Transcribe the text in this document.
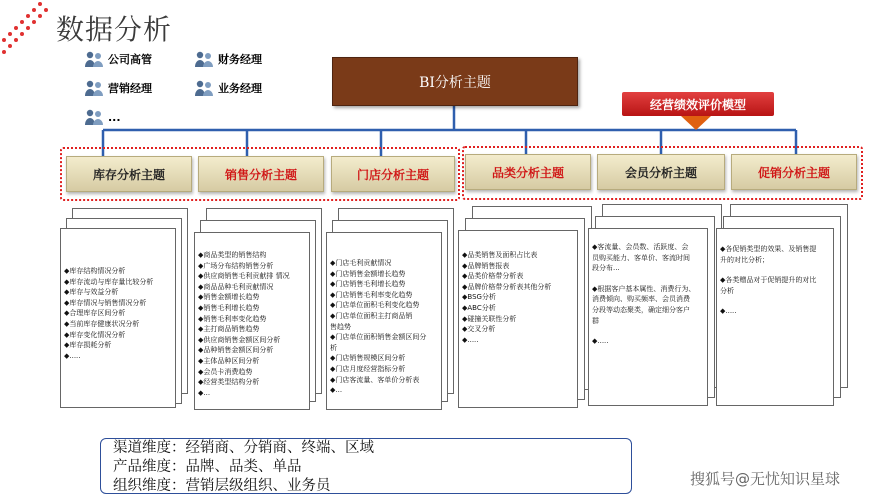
数据分析
公司高管	财务经理
营销经理	业务经理
...
BI分析主题
经营绩效评价模型
库存分析主题	销售分析主题	门店分析主题	品类分析主题	会员分析主题	促销分析主题
◆库存结构情况分析
◆库存流动与库存量比较分析
◆库存与效益分析
◆库存情况与销售情况分析
◆合理库存区间分析
◆当前库存健康状况分析
◆库存变化情况分析
◆库存损耗分析
◆.....
◆商品类型的销售结构
◆广场分布结构销售分析
◆供应商销售毛利贡献排 情况
◆商品品种毛利贡献情况
◆销售金额增长趋势
◆销售毛利增长趋势
◆销售毛利率变化趋势
◆主打商品销售趋势
◆供应商销售金额区间分析
◆品种销售金额区间分析
◆主体品种区间分析
◆会员卡消费趋势
◆经营类型结构分析
◆...
◆门店毛利贡献情况
◆门店销售金额增长趋势
◆门店销售毛利增长趋势
◆门店销售毛利率变化趋势
◆门店单位面积毛利变化趋势
◆门店单位面积主打商品销
售趋势
◆门店单位面积销售金额区间分
析
◆门店销售规模区间分析
◆门店月度经营指标分析
◆门店客流量、客单价分析表
◆...
◆品类销售及面积占比表
◆品牌销售报表
◆品类价格带分析表
◆品牌价格带分析表其他分析
◆BSG分析
◆ABC分析
◆碰撞关联性分析
◆交叉分析
◆.....
◆客流量、会员数、活跃度、会
员购买能力、客单价、客流时间
段分布...
◆根据客户基本属性、消费行为、
消费倾向、购买频率、会员消费
分段等动态聚类，确定细分客户
群
◆.....
◆各促销类型的效果、及销售提
升的对比分析；
◆各类赠品对于促销提升的对比
分析
◆.....
渠道维度：经销商、分销商、终端、区域
产品维度：品牌、品类、单品
组织维度：营销层级组织、业务员	搜狐号@无忧知识星球
